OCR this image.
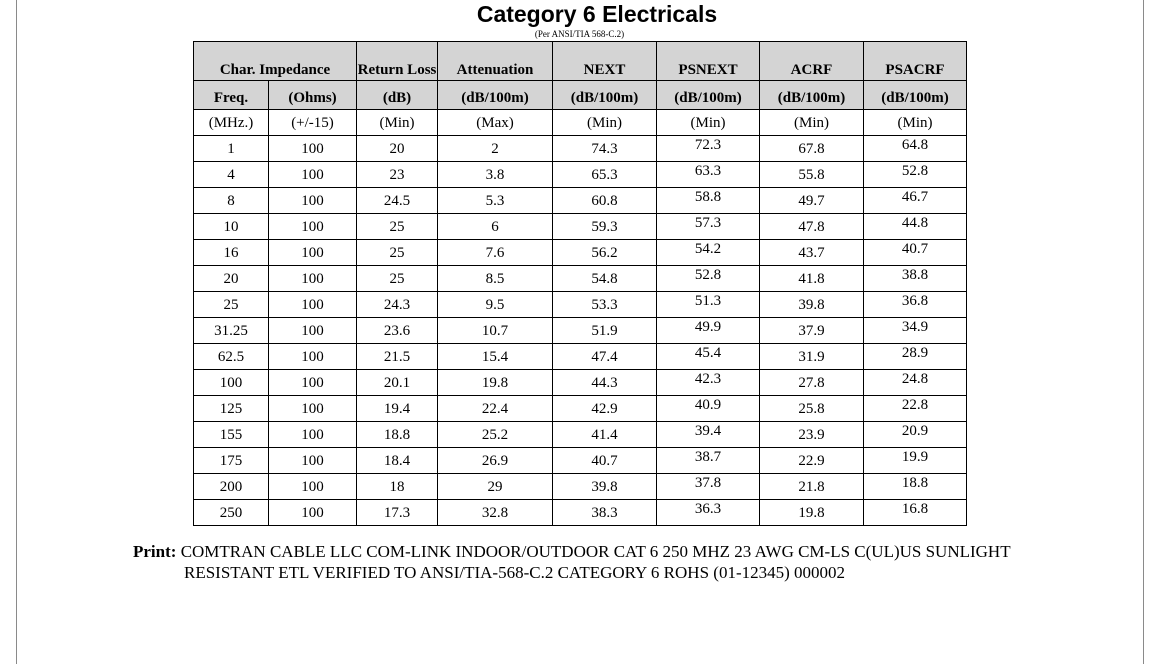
Category 6 Electricals
(Per ANSI/TIA 568-C.2)
Char. Impedance		Return Loss	Attenuation	NEXT	PSNEXT	ACRF	PSACRF
Freq.	(Ohms)	(dB)	(dB/100m)	(dB/100m)	(dB/100m)	(dB/100m)	(dB/100m)
(MHz.)	(+/-15)	(Min)	(Max)	(Min)	(Min)	(Min)	(Min)
1	100	20	2	74.3	72.3	67.8	64.8
4	100	23	3.8	65.3	63.3	55.8	52.8
8	100	24.5	5.3	60.8	58.8	49.7	46.7
10	100	25	6	59.3	57.3	47.8	44.8
16	100	25	7.6	56.2	54.2	43.7	40.7
20	100	25	8.5	54.8	52.8	41.8	38.8
25	100	24.3	9.5	53.3	51.3	39.8	36.8
31.25	100	23.6	10.7	51.9	49.9	37.9	34.9
62.5	100	21.5	15.4	47.4	45.4	31.9	28.9
100	100	20.1	19.8	44.3	42.3	27.8	24.8
125	100	19.4	22.4	42.9	40.9	25.8	22.8
155	100	18.8	25.2	41.4	39.4	23.9	20.9
175	100	18.4	26.9	40.7	38.7	22.9	19.9
200	100	18	29	39.8	37.8	21.8	18.8
250	100	17.3	32.8	38.3	36.3	19.8	16.8
Print: COMTRAN CABLE LLC COM-LINK INDOOR/OUTDOOR CAT 6 250 MHZ 23 AWG CM-LS C(UL)US SUNLIGHT
RESISTANT ETL VERIFIED TO ANSI/TIA-568-C.2 CATEGORY 6 ROHS (01-12345) 000002
